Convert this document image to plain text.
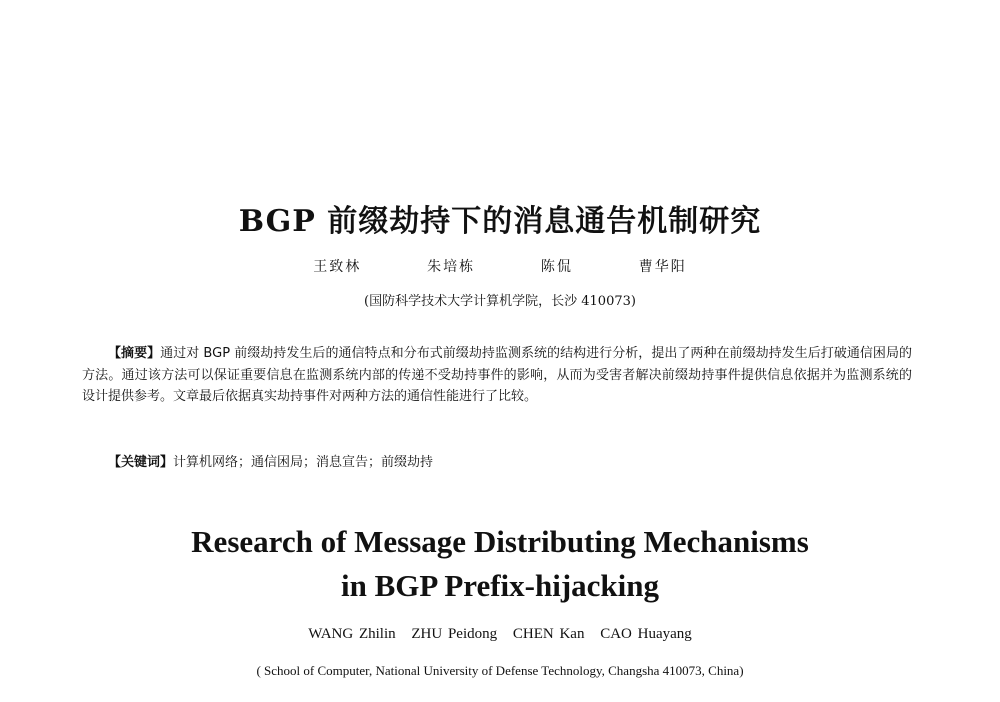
BGP 前缀劫持下的消息通告机制研究
王致林	朱培栋	陈侃	曹华阳
(国防科学技术大学计算机学院，长沙 410073)
【摘要】通过对 BGP 前缀劫持发生后的通信特点和分布式前缀劫持监测系统的结构进行分析，提出了两种在前缀劫持发生后打破通信困局的方法。通过该方法可以保证重要信息在监测系统内部的传递不受劫持事件的影响，从而为受害者解决前缀劫持事件提供信息依据并为监测系统的设计提供参考。文章最后依据真实劫持事件对两种方法的通信性能进行了比较。
【关键词】计算机网络；通信困局；消息宣告；前缀劫持
Research of Message Distributing Mechanisms
in BGP Prefix-hijacking
WANG Zhilin ZHU Peidong CHEN Kan CAO Huayang
( School of Computer, National University of Defense Technology, Changsha 410073, China)
